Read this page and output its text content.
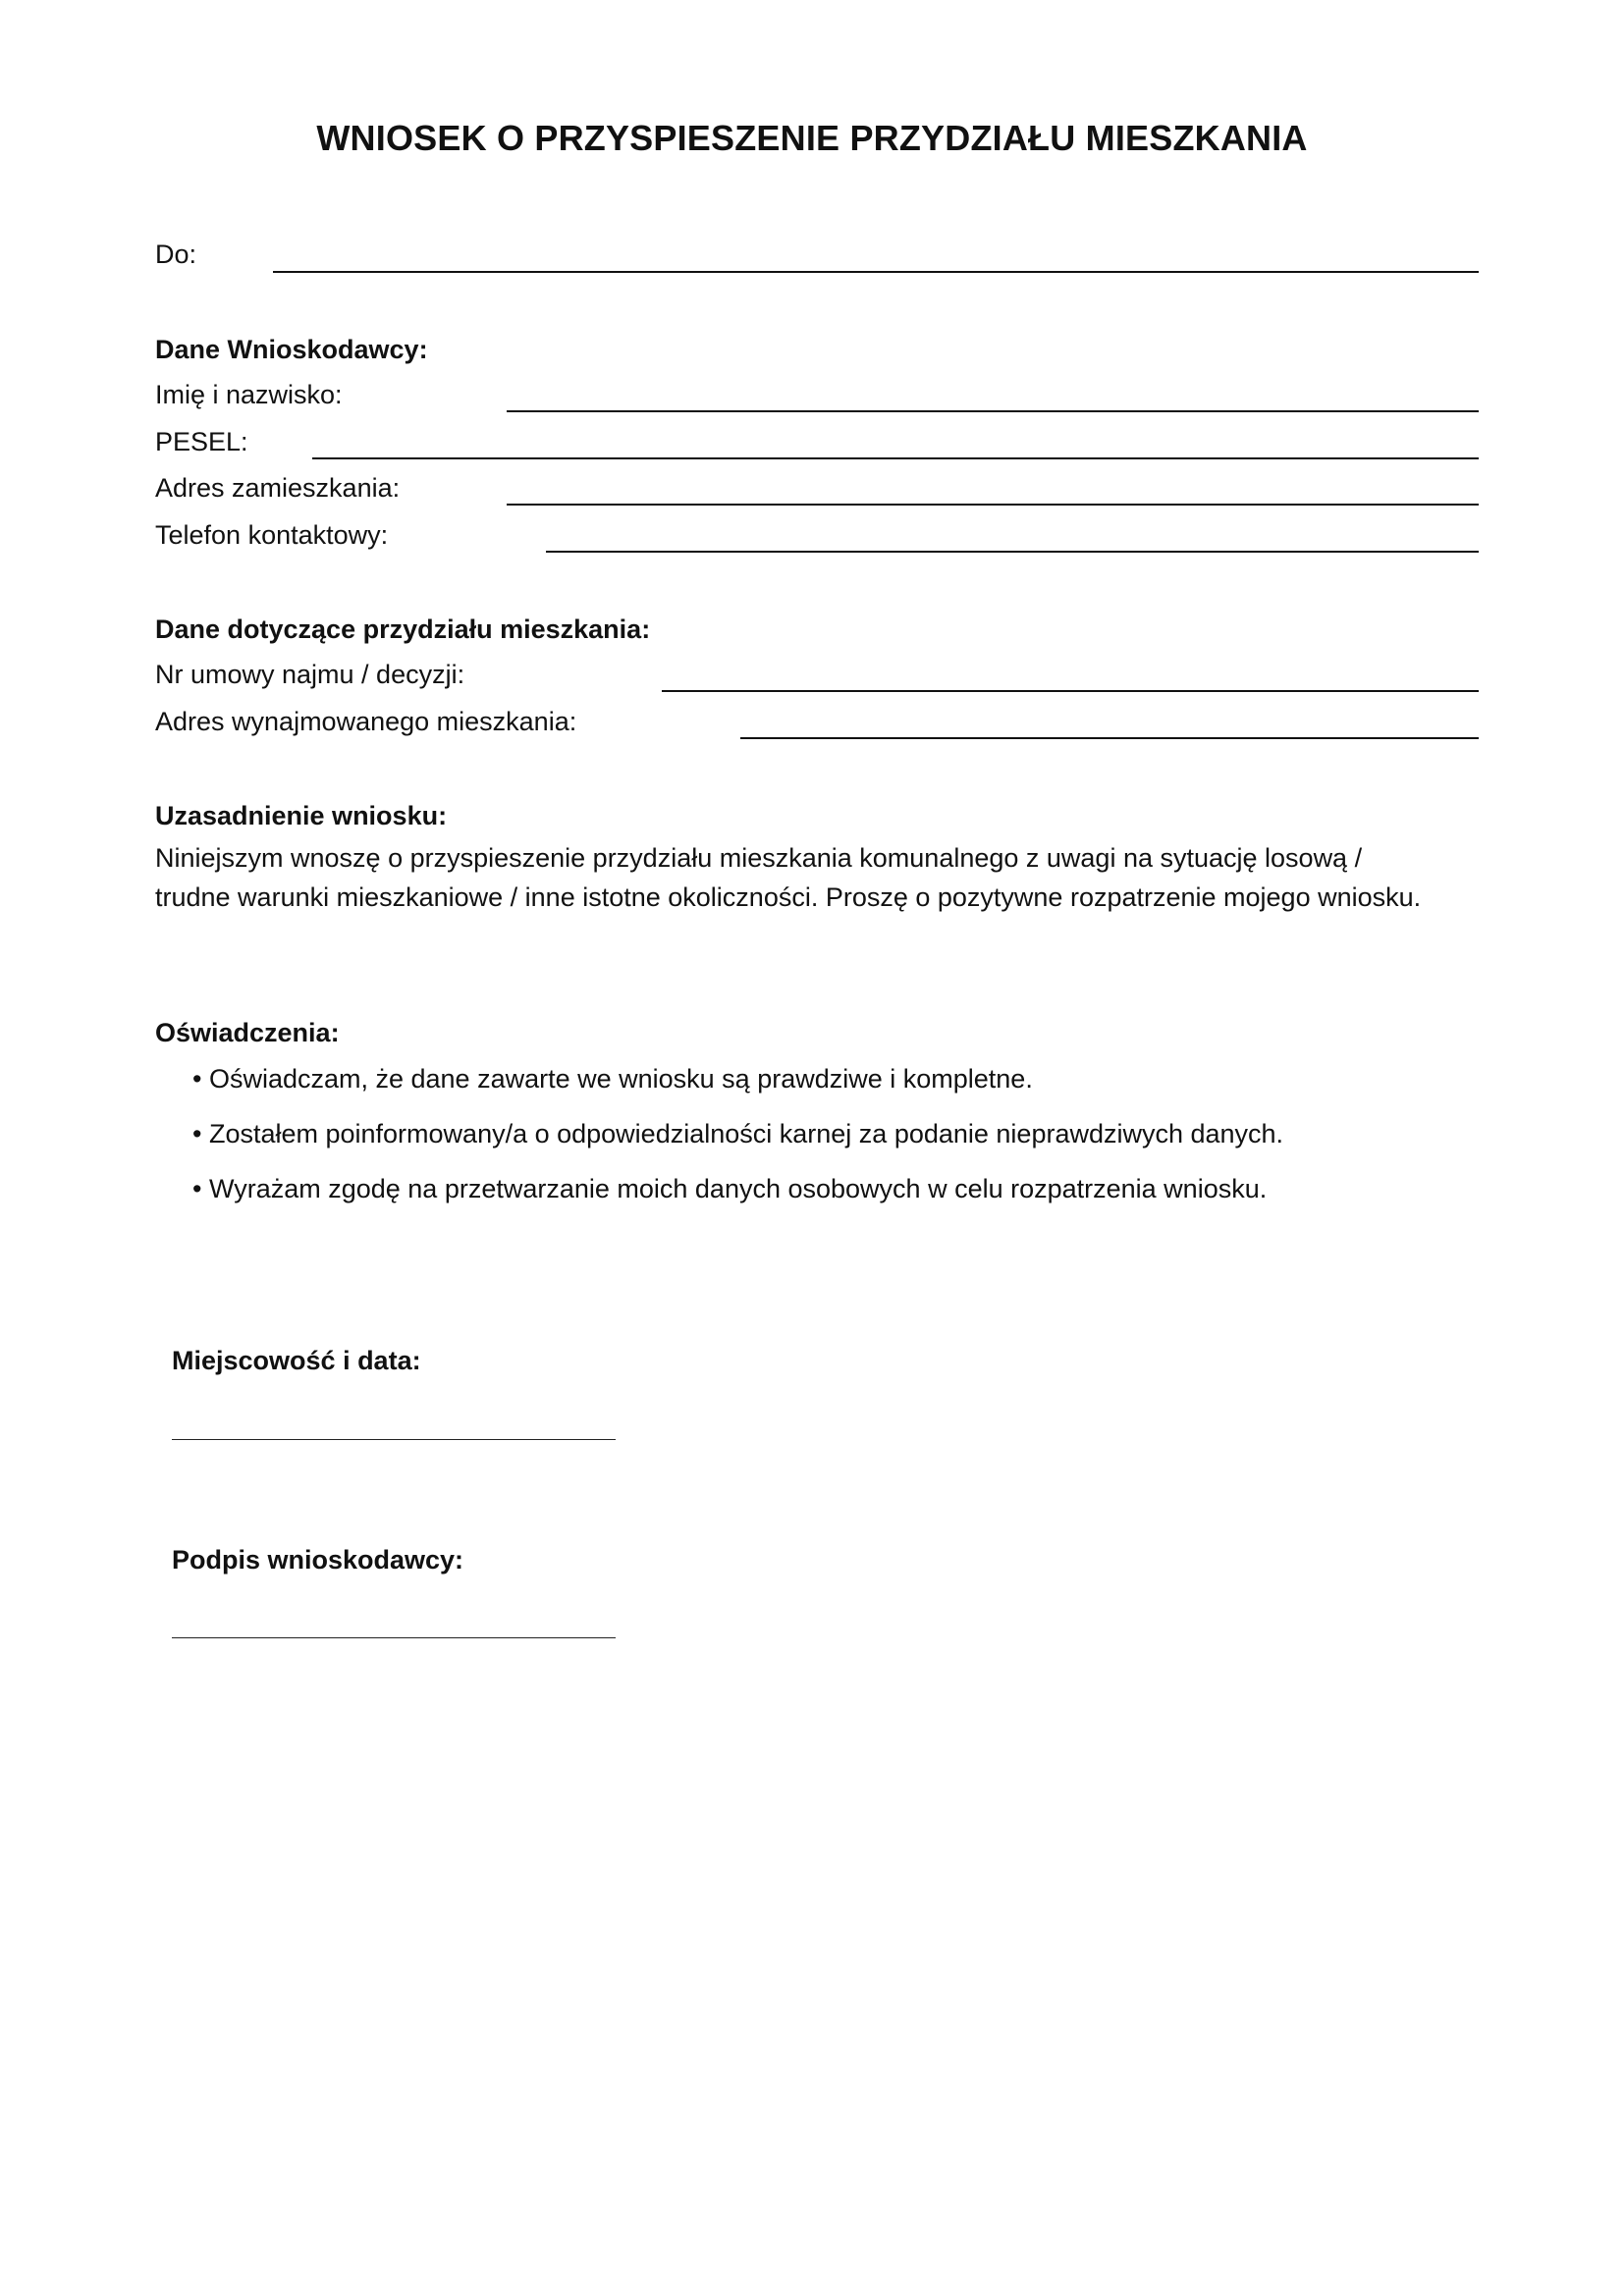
WNIOSEK O PRZYSPIESZENIE PRZYDZIAŁU MIESZKANIA
Do:
Dane Wnioskodawcy:
Imię i nazwisko:
PESEL:
Adres zamieszkania:
Telefon kontaktowy:
Dane dotyczące przydziału mieszkania:
Nr umowy najmu / decyzji:
Adres wynajmowanego mieszkania:
Uzasadnienie wniosku:
Niniejszym wnoszę o przyspieszenie przydziału mieszkania komunalnego z uwagi na sytuację losową /
trudne warunki mieszkaniowe / inne istotne okoliczności. Proszę o pozytywne rozpatrzenie mojego wniosku.
Oświadczenia:
• Oświadczam, że dane zawarte we wniosku są prawdziwe i kompletne.
• Zostałem poinformowany/a o odpowiedzialności karnej za podanie nieprawdziwych danych.
• Wyrażam zgodę na przetwarzanie moich danych osobowych w celu rozpatrzenia wniosku.
Miejscowość i data:
Podpis wnioskodawcy:
